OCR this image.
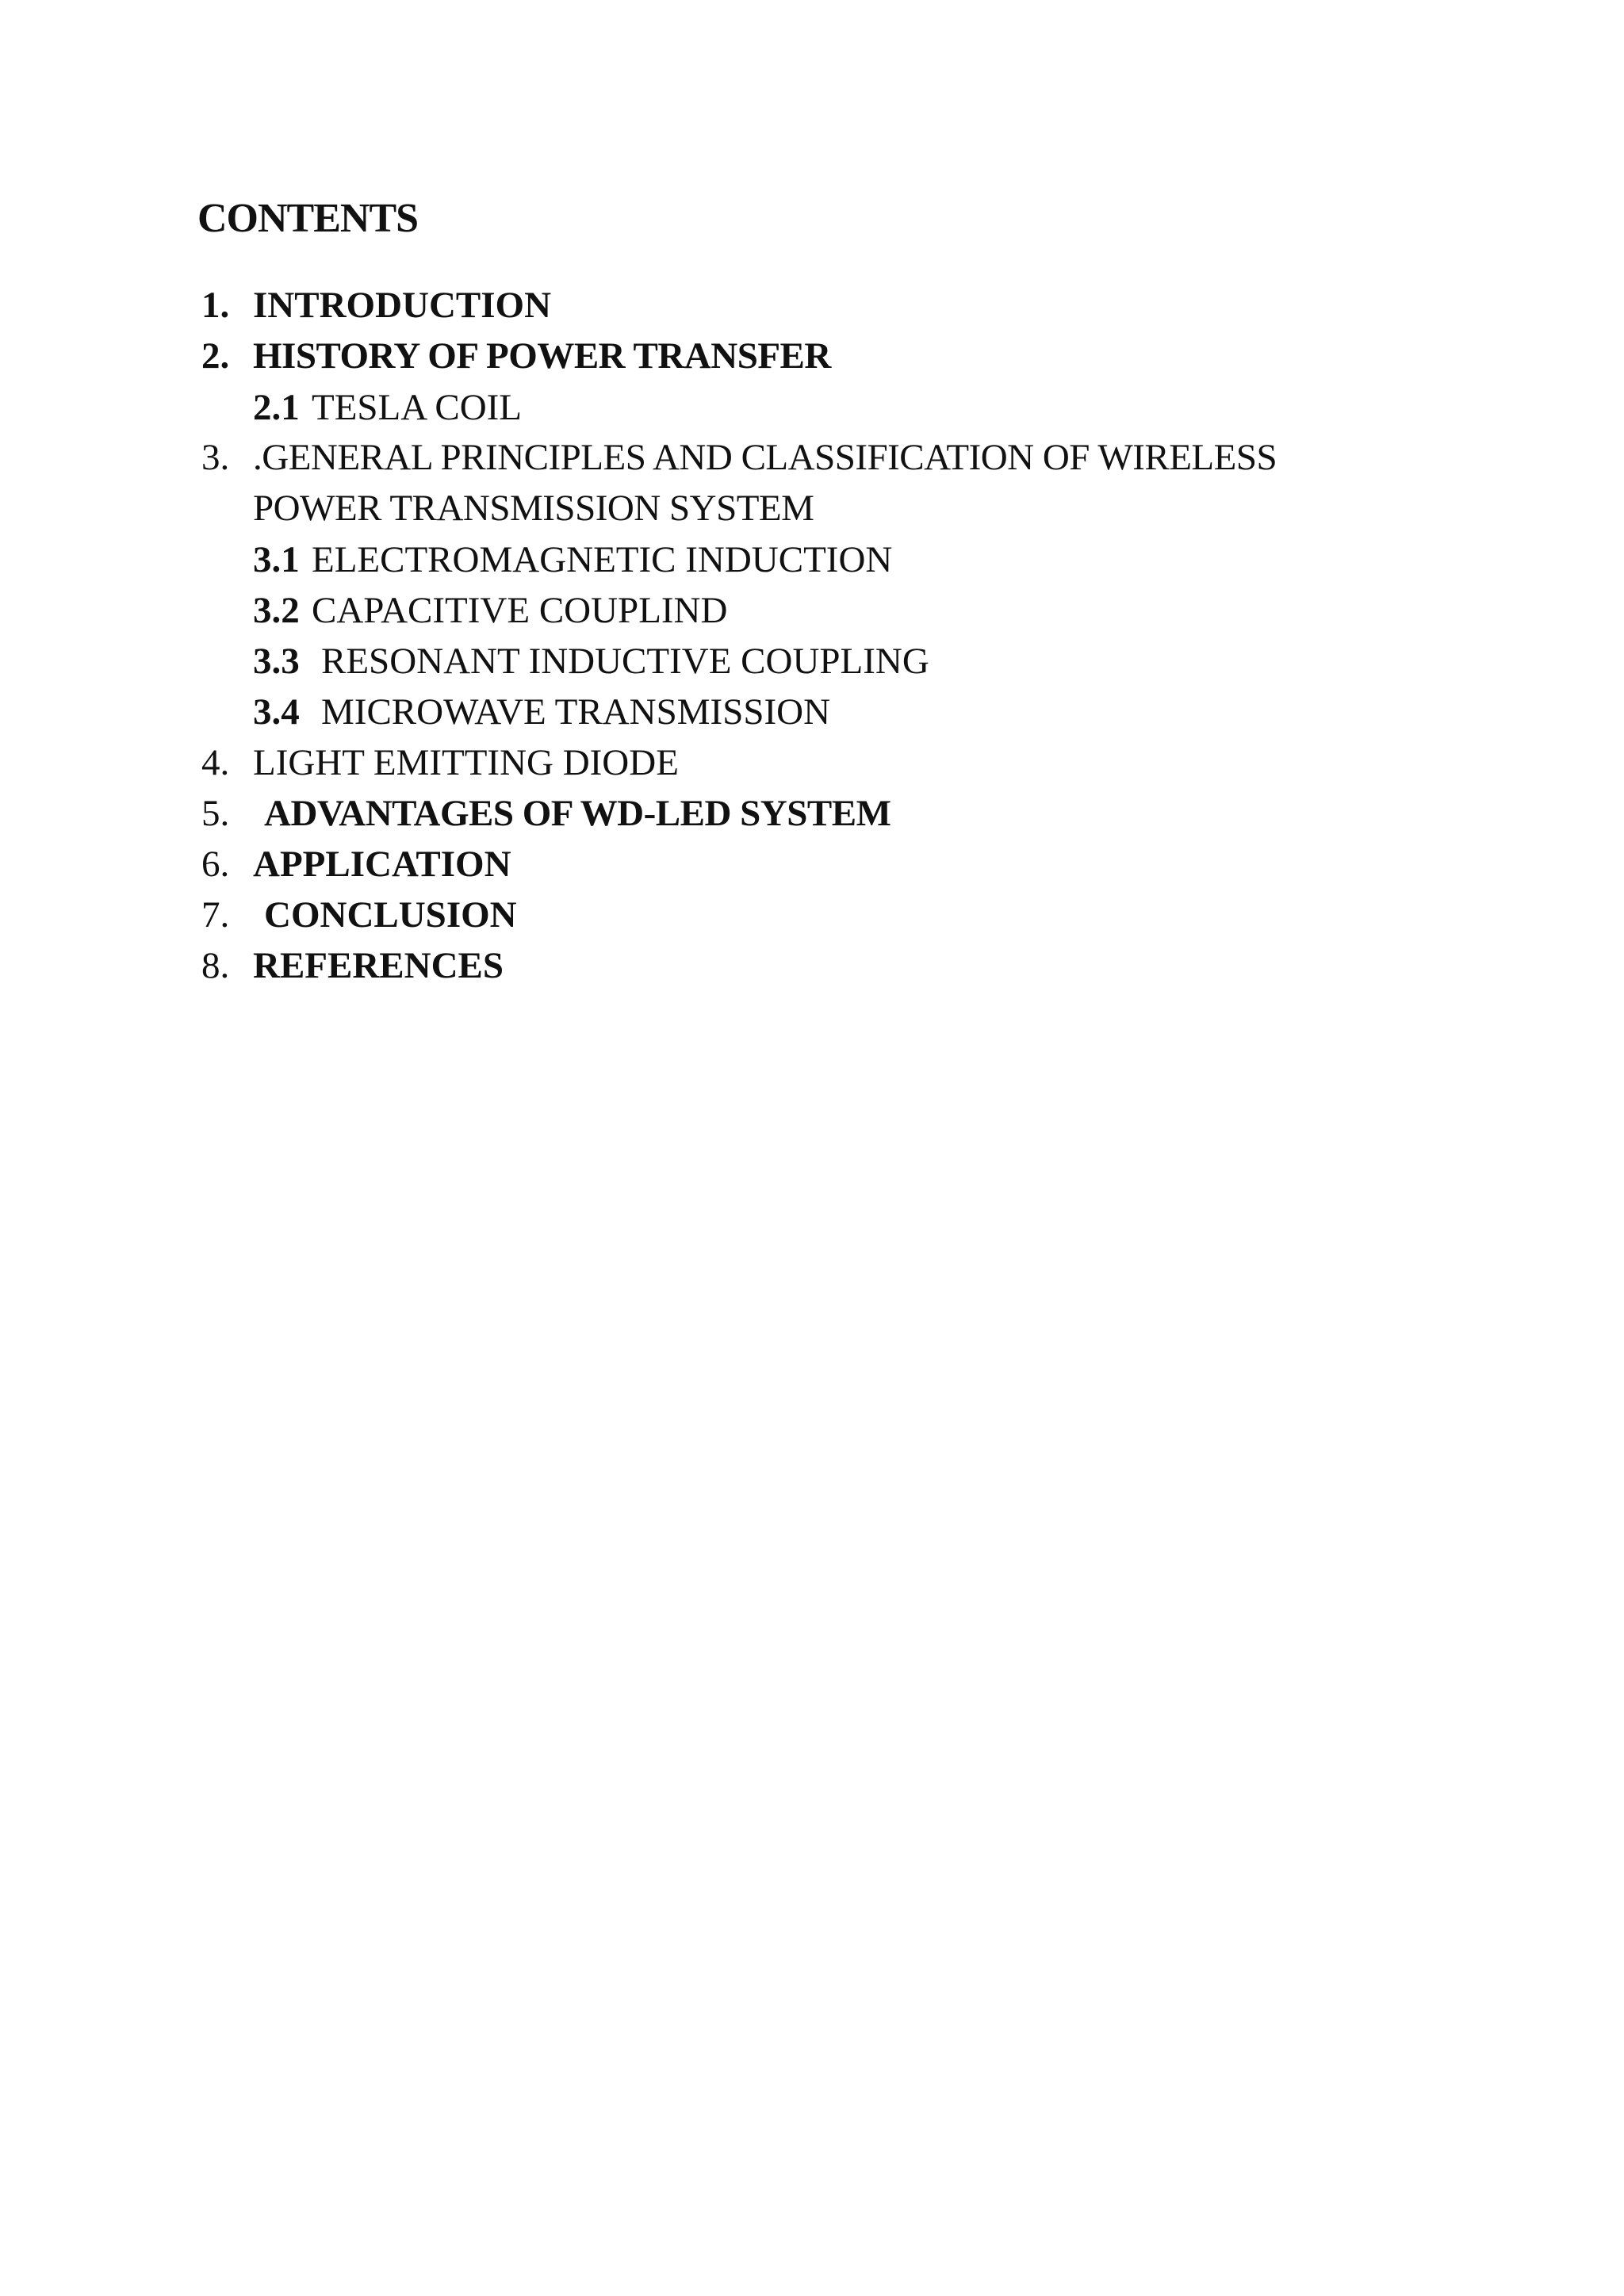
CONTENTS
1. INTRODUCTION
2. HISTORY OF POWER TRANSFER
2.1 TESLA COIL
3. .GENERAL PRINCIPLES AND CLASSIFICATION OF WIRELESS
POWER TRANSMISSION SYSTEM
3.1 ELECTROMAGNETIC INDUCTION
3.2 CAPACITIVE COUPLIND
3.3 RESONANT INDUCTIVE COUPLING
3.4 MICROWAVE TRANSMISSION
4. LIGHT EMITTING DIODE
5. ADVANTAGES OF WD-LED SYSTEM
6. APPLICATION
7. CONCLUSION
8. REFERENCES
